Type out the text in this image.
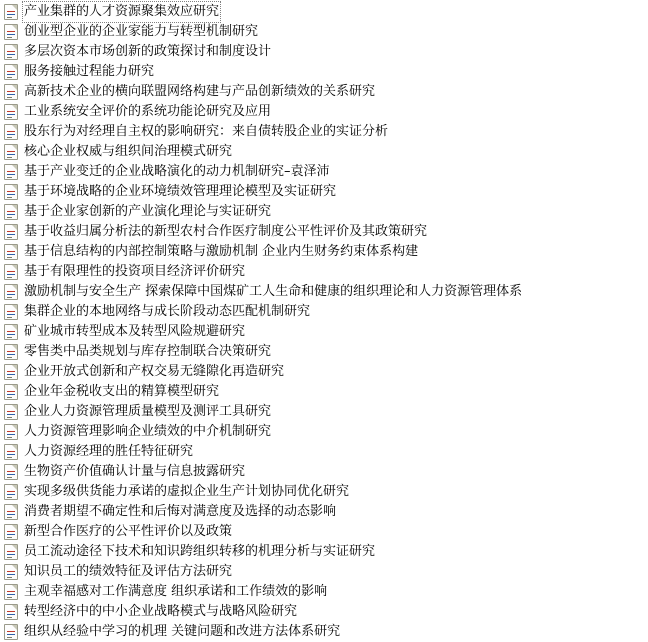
产业集群的人才资源聚集效应研究
创业型企业的企业家能力与转型机制研究
多层次资本市场创新的政策探讨和制度设计
服务接触过程能力研究
高新技术企业的横向联盟网络构建与产品创新绩效的关系研究
工业系统安全评价的系统功能论研究及应用
股东行为对经理自主权的影响研究：来自债转股企业的实证分析
核心企业权威与组织间治理模式研究
基于产业变迁的企业战略演化的动力机制研究–袁泽沛
基于环境战略的企业环境绩效管理理论模型及实证研究
基于企业家创新的产业演化理论与实证研究
基于收益归属分析法的新型农村合作医疗制度公平性评价及其政策研究
基于信息结构的内部控制策略与激励机制 企业内生财务约束体系构建
基于有限理性的投资项目经济评价研究
激励机制与安全生产 探索保障中国煤矿工人生命和健康的组织理论和人力资源管理体系
集群企业的本地网络与成长阶段动态匹配机制研究
矿业城市转型成本及转型风险规避研究
零售类中品类规划与库存控制联合决策研究
企业开放式创新和产权交易无缝隙化再造研究
企业年金税收支出的精算模型研究
企业人力资源管理质量模型及测评工具研究
人力资源管理影响企业绩效的中介机制研究
人力资源经理的胜任特征研究
生物资产价值确认计量与信息披露研究
实现多级供货能力承诺的虚拟企业生产计划协同优化研究
消费者期望不确定性和后悔对满意度及选择的动态影响
新型合作医疗的公平性评价以及政策
员工流动途径下技术和知识跨组织转移的机理分析与实证研究
知识员工的绩效特征及评估方法研究
主观幸福感对工作满意度 组织承诺和工作绩效的影响
转型经济中的中小企业战略模式与战略风险研究
组织从经验中学习的机理 关键问题和改进方法体系研究
